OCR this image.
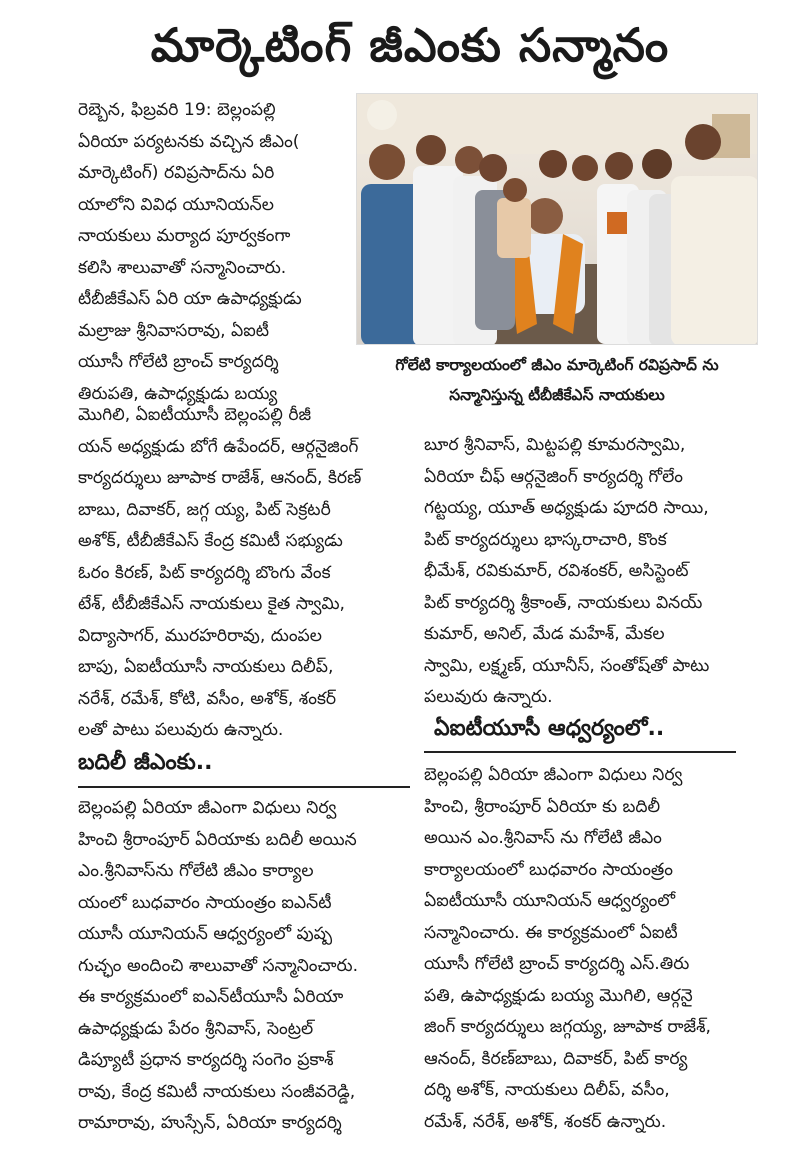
మార్కెటింగ్ జీఎంకు సన్మానం
రెబ్బెన, ఫిబ్రవరి 19: బెల్లంపల్లి
ఏరియా పర్యటనకు వచ్చిన జీఎం(
మార్కెటింగ్) రవిప్రసాద్‌ను ఏరి
యాలోని వివిధ యూనియన్‌ల
నాయకులు మర్యాద పూర్వకంగా
కలిసి శాలువాతో సన్మానించారు.
టీబీజీకేఎస్ ఏరి యా ఉపాధ్యక్షుడు
మల్రాజు శ్రీనివాసరావు, ఏఐటీ
యూసీ గోలేటి బ్రాంచ్ కార్యదర్శి
తిరుపతి, ఉపాధ్యక్షుడు బయ్య
గోలేటి కార్యాలయంలో జీఎం మార్కెటింగ్ రవిప్రసాద్ ను
సన్మానిస్తున్న టీబీజీకేఎస్ నాయకులు
మొగిలి, ఏఐటీయూసీ బెల్లంపల్లి రీజీ
యన్ అధ్యక్షుడు బోగే ఉపేందర్, ఆర్గనైజింగ్
కార్యదర్శులు జూపాక రాజేశ్, ఆనంద్, కిరణ్
బాబు, దివాకర్, జగ్గ య్య, పిట్ సెక్రటరీ
అశోక్, టీబీజీకేఎస్ కేంద్ర కమిటీ సభ్యుడు
ఓరం కిరణ్, పిట్ కార్యదర్శి బొంగు వేంక
టేశ్, టీబీజీకేఎస్ నాయకులు కైత స్వామి,
విద్యాసాగర్, మురహరిరావు, దుంపల
బాపు, ఏఐటీయూసీ నాయకులు దిలీప్,
నరేశ్, రమేశ్, కోటి, వసీం, అశోక్, శంకర్
లతో పాటు పలువురు ఉన్నారు.
బూర శ్రీనివాస్, మిట్టపల్లి కూమరస్వామి,
ఏరియా చీఫ్ ఆర్గనైజింగ్ కార్యదర్శి గోలేం
గట్టయ్య, యూత్ అధ్యక్షుడు పూదరి సాయి,
పిట్ కార్యదర్శులు భాస్కరాచారి, కొంక
భీమేశ్, రవికుమార్, రవిశంకర్, అసిస్టెంట్
పిట్ కార్యదర్శి శ్రీకాంత్, నాయకులు వినయ్
కుమార్, అనిల్, మేడ మహేశ్, మేకల
స్వామి, లక్ష్మణ్, యూనీస్, సంతోష్‌తో పాటు
పలువురు ఉన్నారు.
బదిలీ జీఎంకు..
బెల్లంపల్లి ఏరియా జీఎంగా విధులు నిర్వ
హించి శ్రీరాంపూర్ ఏరియాకు బదిలీ అయిన
ఎం.శ్రీనివాస్‌ను గోలేటి జీఎం కార్యాల
యంలో బుధవారం సాయంత్రం ఐఎన్‌టీ
యూసీ యూనియన్ ఆధ్వర్యంలో పుష్ప
గుచ్ఛం అందించి శాలువాతో సన్మానించారు.
ఈ కార్యక్రమంలో ఐఎన్‌టీయూసీ ఏరియా
ఉపాధ్యక్షుడు పేరం శ్రీనివాస్, సెంట్రల్
డిప్యూటీ ప్రధాన కార్యదర్శి సంగెం ప్రకాశ్
రావు, కేంద్ర కమిటీ నాయకులు సంజీవరెడ్డి,
రామారావు, హుస్సేన్, ఏరియా కార్యదర్శి
ఏఐటీయూసీ ఆధ్వర్యంలో..
బెల్లంపల్లి ఏరియా జీఎంగా విధులు నిర్వ
హించి, శ్రీరాంపూర్ ఏరియా కు బదిలీ
అయిన ఎం.శ్రీనివాస్ ను గోలేటి జీఎం
కార్యాలయంలో బుధవారం సాయంత్రం
ఏఐటీయూసీ యూనియన్ ఆధ్వర్యంలో
సన్మానించారు. ఈ కార్యక్రమంలో ఏఐటీ
యూసీ గోలేటి బ్రాంచ్ కార్యదర్శి ఎస్.తిరు
పతి, ఉపాధ్యక్షుడు బయ్య మొగిలి, ఆర్గనై
జింగ్ కార్యదర్శులు జగ్గయ్య, జూపాక రాజేశ్,
ఆనంద్, కిరణ్‌బాబు, దివాకర్, పిట్ కార్య
దర్శి అశోక్, నాయకులు దిలీప్, వసీం,
రమేశ్, నరేశ్, అశోక్, శంకర్ ఉన్నారు.
